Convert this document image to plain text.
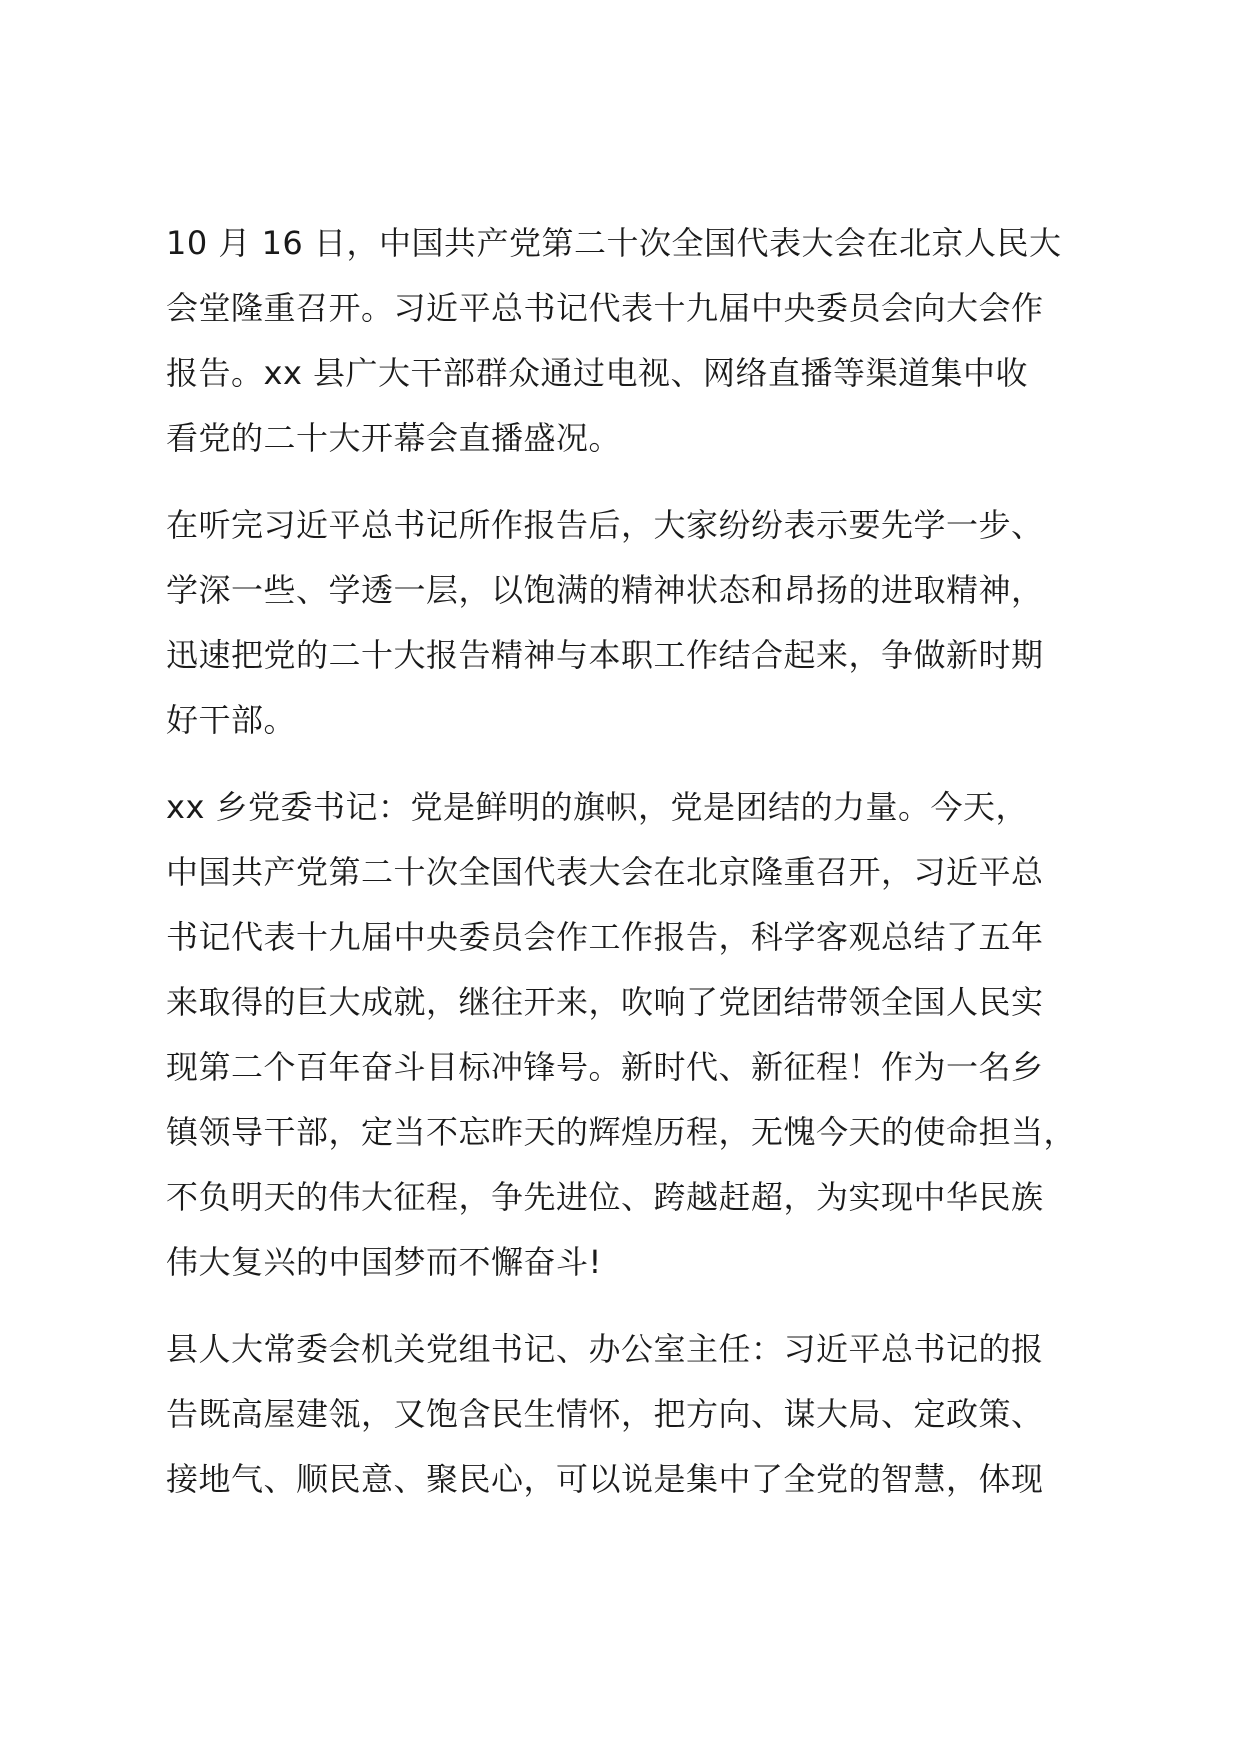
10 月 16 日，中国共产党第二十次全国代表大会在北京人民大
会堂隆重召开。习近平总书记代表十九届中央委员会向大会作
报告。xx 县广大干部群众通过电视、网络直播等渠道集中收
看党的二十大开幕会直播盛况。

在听完习近平总书记所作报告后，大家纷纷表示要先学一步、
学深一些、学透一层，以饱满的精神状态和昂扬的进取精神，
迅速把党的二十大报告精神与本职工作结合起来，争做新时期
好干部。

xx 乡党委书记：党是鲜明的旗帜，党是团结的力量。今天，
中国共产党第二十次全国代表大会在北京隆重召开，习近平总
书记代表十九届中央委员会作工作报告，科学客观总结了五年
来取得的巨大成就，继往开来，吹响了党团结带领全国人民实
现第二个百年奋斗目标冲锋号。新时代、新征程！作为一名乡
镇领导干部，定当不忘昨天的辉煌历程，无愧今天的使命担当，
不负明天的伟大征程，争先进位、跨越赶超，为实现中华民族
伟大复兴的中国梦而不懈奋斗!

县人大常委会机关党组书记、办公室主任：习近平总书记的报
告既高屋建瓴，又饱含民生情怀，把方向、谋大局、定政策、
接地气、顺民意、聚民心，可以说是集中了全党的智慧，体现
